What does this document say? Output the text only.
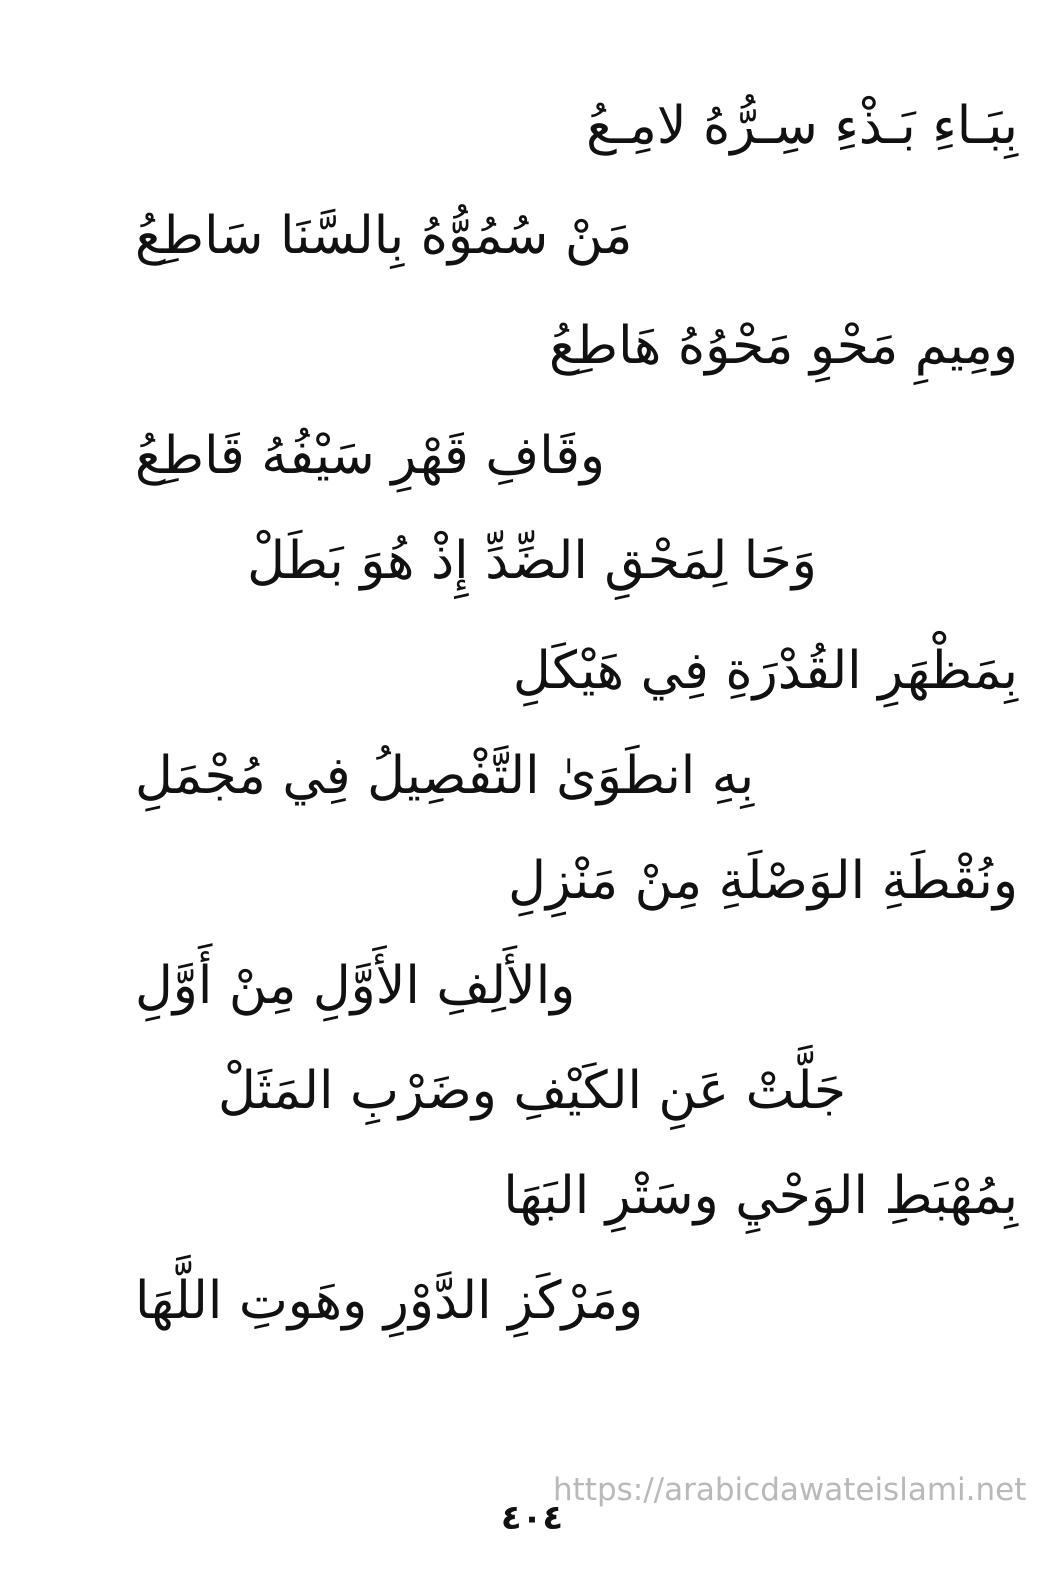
بِبَـاءِ بَـذْءِ سِـرُّهُ لامِـعُ
مَنْ سُمُوُّهُ بِالسَّنَا سَاطِعُ
ومِيمِ مَحْوِ مَحْوُهُ هَاطِعُ
وقَافِ قَهْرِ سَيْفُهُ قَاطِعُ
وَحَا لِمَحْقِ الضِّدِّ إِذْ هُوَ بَطَلْ
بِمَظْهَرِ القُدْرَةِ فِي هَيْكَلِ
بِهِ انطَوَىٰ التَّفْصِيلُ فِي مُجْمَلِ
ونُقْطَةِ الوَصْلَةِ مِنْ مَنْزِلِ
والأَلِفِ الأَوَّلِ مِنْ أَوَّلِ
جَلَّتْ عَنِ الكَيْفِ وضَرْبِ المَثَلْ
بِمُهْبَطِ الوَحْيِ وسَتْرِ البَهَا
ومَرْكَزِ الدَّوْرِ وهَوتِ اللَّهَا
https://arabicdawateislami.net
٤٠٤
